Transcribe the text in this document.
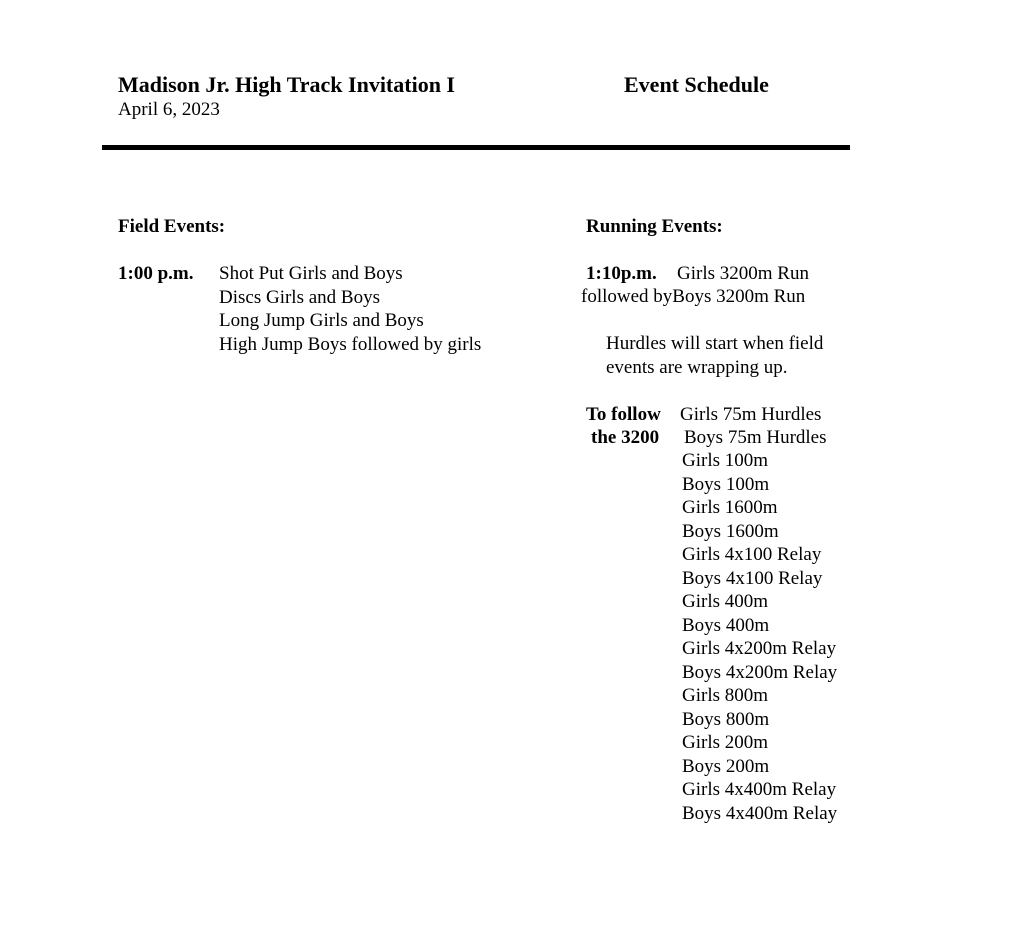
Madison Jr. High Track Invitation I	Event Schedule
April 6, 2023
Field Events:
1:00 p.m. Shot Put Girls and Boys
Discs Girls and Boys
Long Jump Girls and Boys
High Jump Boys followed by girls
Running Events:
1:10p.m. Girls 3200m Run
followed byBoys 3200m Run
Hurdles will start when field
events are wrapping up.
To follow
the 3200
Girls 75m Hurdles
Boys 75m Hurdles
Girls 100m
Boys 100m
Girls 1600m
Boys 1600m
Girls 4x100 Relay
Boys 4x100 Relay
Girls 400m
Boys 400m
Girls 4x200m Relay
Boys 4x200m Relay
Girls 800m
Boys 800m
Girls 200m
Boys 200m
Girls 4x400m Relay
Boys 4x400m Relay
